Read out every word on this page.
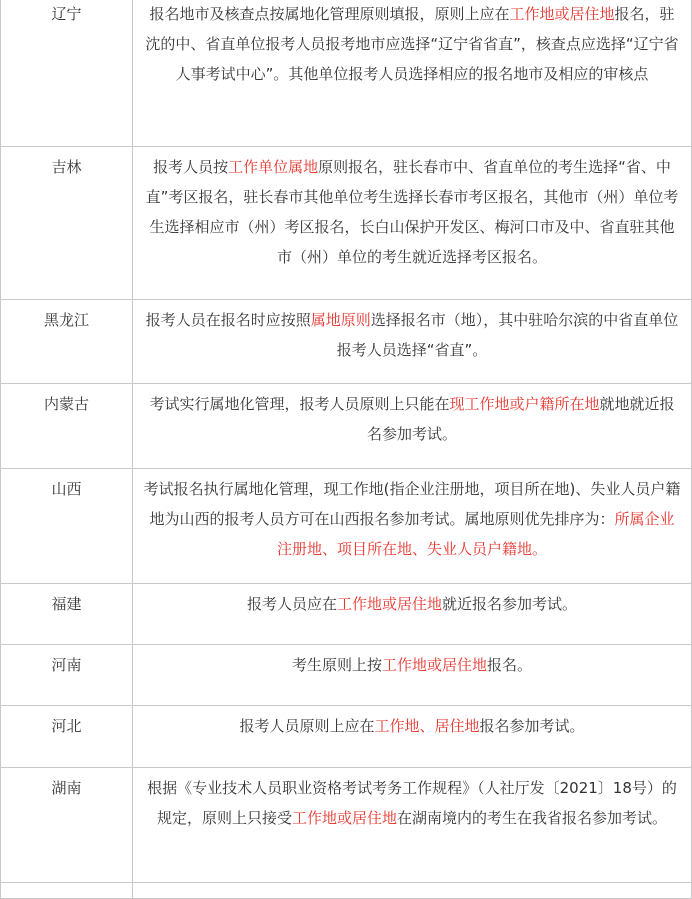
辽宁	报名地市及核查点按属地化管理原则填报，原则上应在工作地或居住地报名，驻沈的中、省直单位报考人员报考地市应选择“辽宁省省直”，核查点应选择“辽宁省人事考试中心”。其他单位报考人员选择相应的报名地市及相应的审核点
吉林	报考人员按工作单位属地原则报名，驻长春市中、省直单位的考生选择“省、中直”考区报名，驻长春市其他单位考生选择长春市考区报名，其他市（州）单位考生选择相应市（州）考区报名，长白山保护开发区、梅河口市及中、省直驻其他市（州）单位的考生就近选择考区报名。
黑龙江	报考人员在报名时应按照属地原则选择报名市（地），其中驻哈尔滨的中省直单位报考人员选择“省直”。
内蒙古	考试实行属地化管理，报考人员原则上只能在现工作地或户籍所在地就地就近报名参加考试。
山西	考试报名执行属地化管理，现工作地(指企业注册地，项目所在地)、失业人员户籍地为山西的报考人员方可在山西报名参加考试。属地原则优先排序为：所属企业注册地、项目所在地、失业人员户籍地。
福建	报考人员应在工作地或居住地就近报名参加考试。
河南	考生原则上按工作地或居住地报名。
河北	报考人员原则上应在工作地、居住地报名参加考试。
湖南	根据《专业技术人员职业资格考试考务工作规程》（人社厅发〔2021〕18号）的规定，原则上只接受工作地或居住地在湖南境内的考生在我省报名参加考试。
